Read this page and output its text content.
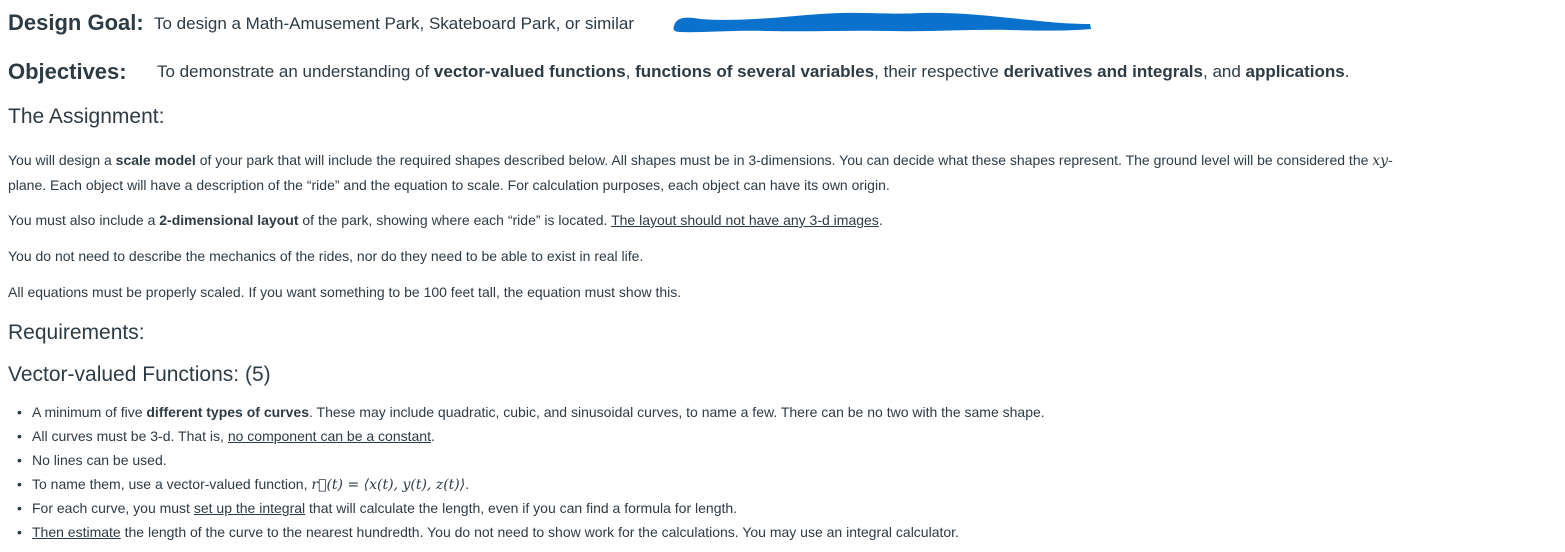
Design Goal: To design a Math-Amusement Park, Skateboard Park, or similar
Objectives: To demonstrate an understanding of vector-valued functions, functions of several variables, their respective derivatives and integrals, and applications.
The Assignment:
You will design a scale model of your park that will include the required shapes described below. All shapes must be in 3-dimensions. You can decide what these shapes represent. The ground level will be considered the xy-
plane. Each object will have a description of the “ride” and the equation to scale. For calculation purposes, each object can have its own origin.
You must also include a 2-dimensional layout of the park, showing where each “ride” is located. The layout should not have any 3-d images.
You do not need to describe the mechanics of the rides, nor do they need to be able to exist in real life.
All equations must be properly scaled. If you want something to be 100 feet tall, the equation must show this.
Requirements:
Vector-valued Functions: (5)
• A minimum of five different types of curves. These may include quadratic, cubic, and sinusoidal curves, to name a few. There can be no two with the same shape.
• All curves must be 3-d. That is, no component can be a constant.
• No lines can be used.
• To name them, use a vector-valued function, r⃗(t) = ⟨x(t), y(t), z(t)⟩.
• For each curve, you must set up the integral that will calculate the length, even if you can find a formula for length.
• Then estimate the length of the curve to the nearest hundredth. You do not need to show work for the calculations. You may use an integral calculator.
